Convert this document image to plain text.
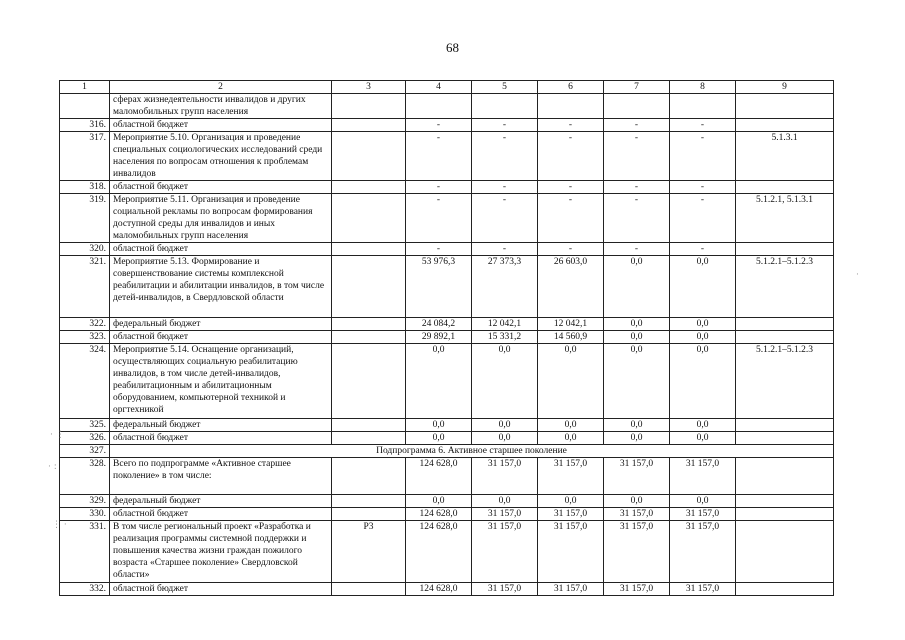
68
1	2	3	4	5	6	7	8	9
	сферах жизнедеятельности инвалидов и других маломобильных групп населения							
316.	областной бюджет		-	-	-	-	-	
317.	Мероприятие 5.10. Организация и проведение специальных социологических исследований среди населения по вопросам отношения к проблемам инвалидов		-	-	-	-	-	5.1.3.1
318.	областной бюджет		-	-	-	-	-	
319.	Мероприятие 5.11. Организация и проведение социальной рекламы по вопросам формирования доступной среды для инвалидов и иных маломобильных групп населения		-	-	-	-	-	5.1.2.1, 5.1.3.1
320.	областной бюджет		-	-	-	-	-	
321.	Мероприятие 5.13. Формирование и совершенствование системы комплексной реабилитации и абилитации инвалидов, в том числе детей-инвалидов, в Свердловской области		53 976,3	27 373,3	26 603,0	0,0	0,0	5.1.2.1–5.1.2.3
322.	федеральный бюджет		24 084,2	12 042,1	12 042,1	0,0	0,0	
323.	областной бюджет		29 892,1	15 331,2	14 560,9	0,0	0,0	
324.	Мероприятие 5.14. Оснащение организаций, осуществляющих социальную реабилитацию инвалидов, в том числе детей-инвалидов, реабилитационным и абилитационным оборудованием, компьютерной техникой и оргтехникой		0,0	0,0	0,0	0,0	0,0	5.1.2.1–5.1.2.3
325.	федеральный бюджет		0,0	0,0	0,0	0,0	0,0	
326.	областной бюджет		0,0	0,0	0,0	0,0	0,0	
327.	Подпрограмма 6. Активное старшее поколение							
328.	Всего по подпрограмме «Активное старшее поколение» в том числе:		124 628,0	31 157,0	31 157,0	31 157,0	31 157,0	
329.	федеральный бюджет		0,0	0,0	0,0	0,0	0,0	
330.	областной бюджет		124 628,0	31 157,0	31 157,0	31 157,0	31 157,0	
331.	В том числе региональный проект «Разработка и реализация программы системной поддержки и повышения качества жизни граждан пожилого возраста «Старшее поколение» Свердловской области»	Р3	124 628,0	31 157,0	31 157,0	31 157,0	31 157,0	
332.	областной бюджет		124 628,0	31 157,0	31 157,0	31 157,0	31 157,0	
· ⋮
· :
⋮ ·
·
